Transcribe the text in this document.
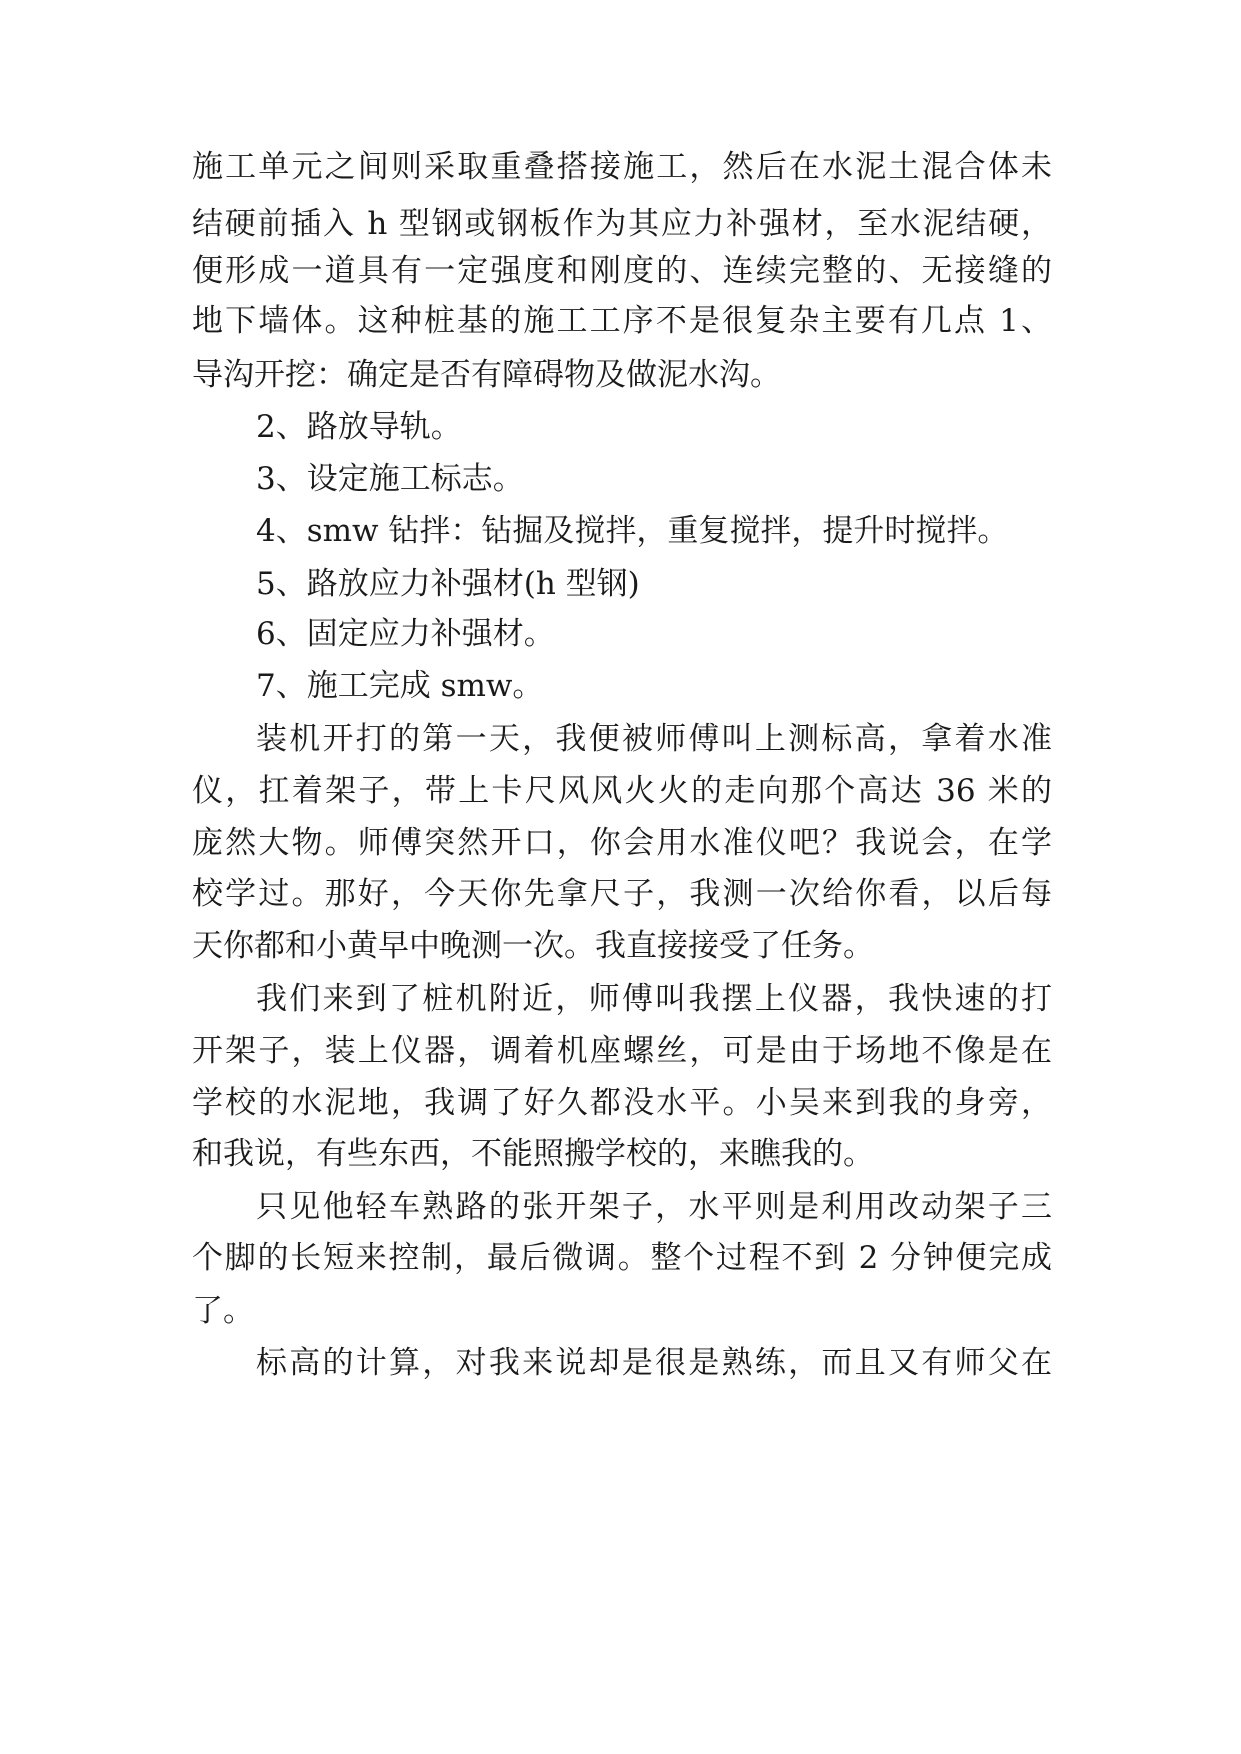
施工单元之间则采取重叠搭接施工，然后在水泥土混合体未
结硬前插入 h 型钢或钢板作为其应力补强材，至水泥结硬，
便形成一道具有一定强度和刚度的、连续完整的、无接缝的
地下墙体。这种桩基的施工工序不是很复杂主要有几点 1、
导沟开挖：确定是否有障碍物及做泥水沟。
2、路放导轨。
3、设定施工标志。
4、smw 钻拌：钻掘及搅拌，重复搅拌，提升时搅拌。
5、路放应力补强材(h 型钢)
6、固定应力补强材。
7、施工完成 smw。
装机开打的第一天，我便被师傅叫上测标高，拿着水准
仪，扛着架子，带上卡尺风风火火的走向那个高达 36 米的
庞然大物。师傅突然开口，你会用水准仪吧？我说会，在学
校学过。那好，今天你先拿尺子，我测一次给你看，以后每
天你都和小黄早中晚测一次。我直接接受了任务。
我们来到了桩机附近，师傅叫我摆上仪器，我快速的打
开架子，装上仪器，调着机座螺丝，可是由于场地不像是在
学校的水泥地，我调了好久都没水平。小吴来到我的身旁，
和我说，有些东西，不能照搬学校的，来瞧我的。
只见他轻车熟路的张开架子，水平则是利用改动架子三
个脚的长短来控制，最后微调。整个过程不到 2 分钟便完成
了。
标高的计算，对我来说却是很是熟练，而且又有师父在
